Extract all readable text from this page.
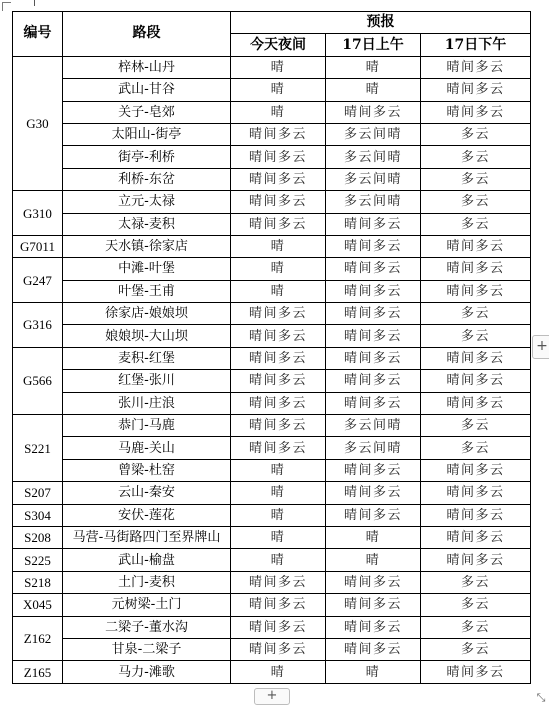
编号	路段	预报		
		今天夜间	17日上午	17日下午
G30	梓林-山丹	晴	晴	晴间多云
	武山-甘谷	晴	晴	晴间多云
	关子-皂郊	晴	晴间多云	晴间多云
	太阳山-街亭	晴间多云	多云间晴	多云
	街亭-利桥	晴间多云	多云间晴	多云
	利桥-东岔	晴间多云	多云间晴	多云
G310	立元-太禄	晴间多云	多云间晴	多云
	太禄-麦积	晴间多云	晴间多云	多云
G7011	天水镇-徐家店	晴	晴间多云	晴间多云
G247	中滩-叶堡	晴	晴间多云	晴间多云
	叶堡-王甫	晴	晴间多云	晴间多云
G316	徐家店-娘娘坝	晴间多云	晴间多云	多云
	娘娘坝-大山坝	晴间多云	晴间多云	多云
G566	麦积-红堡	晴间多云	晴间多云	晴间多云
	红堡-张川	晴间多云	晴间多云	晴间多云
	张川-庄浪	晴间多云	晴间多云	晴间多云
S221	恭门-马鹿	晴间多云	多云间晴	多云
	马鹿-关山	晴间多云	多云间晴	多云
	曾梁-杜窑	晴	晴间多云	晴间多云
S207	云山-秦安	晴	晴间多云	晴间多云
S304	安伏-莲花	晴	晴间多云	晴间多云
S208	马营-马街路四门至界牌山	晴	晴	晴间多云
S225	武山-榆盘	晴	晴	晴间多云
S218	土门-麦积	晴间多云	晴间多云	多云
X045	元树梁-土门	晴间多云	晴间多云	多云
Z162	二梁子-董水沟	晴间多云	晴间多云	多云
	甘泉-二梁子	晴间多云	晴间多云	多云
Z165	马力-滩歌	晴	晴	晴间多云
+
+	⤡
